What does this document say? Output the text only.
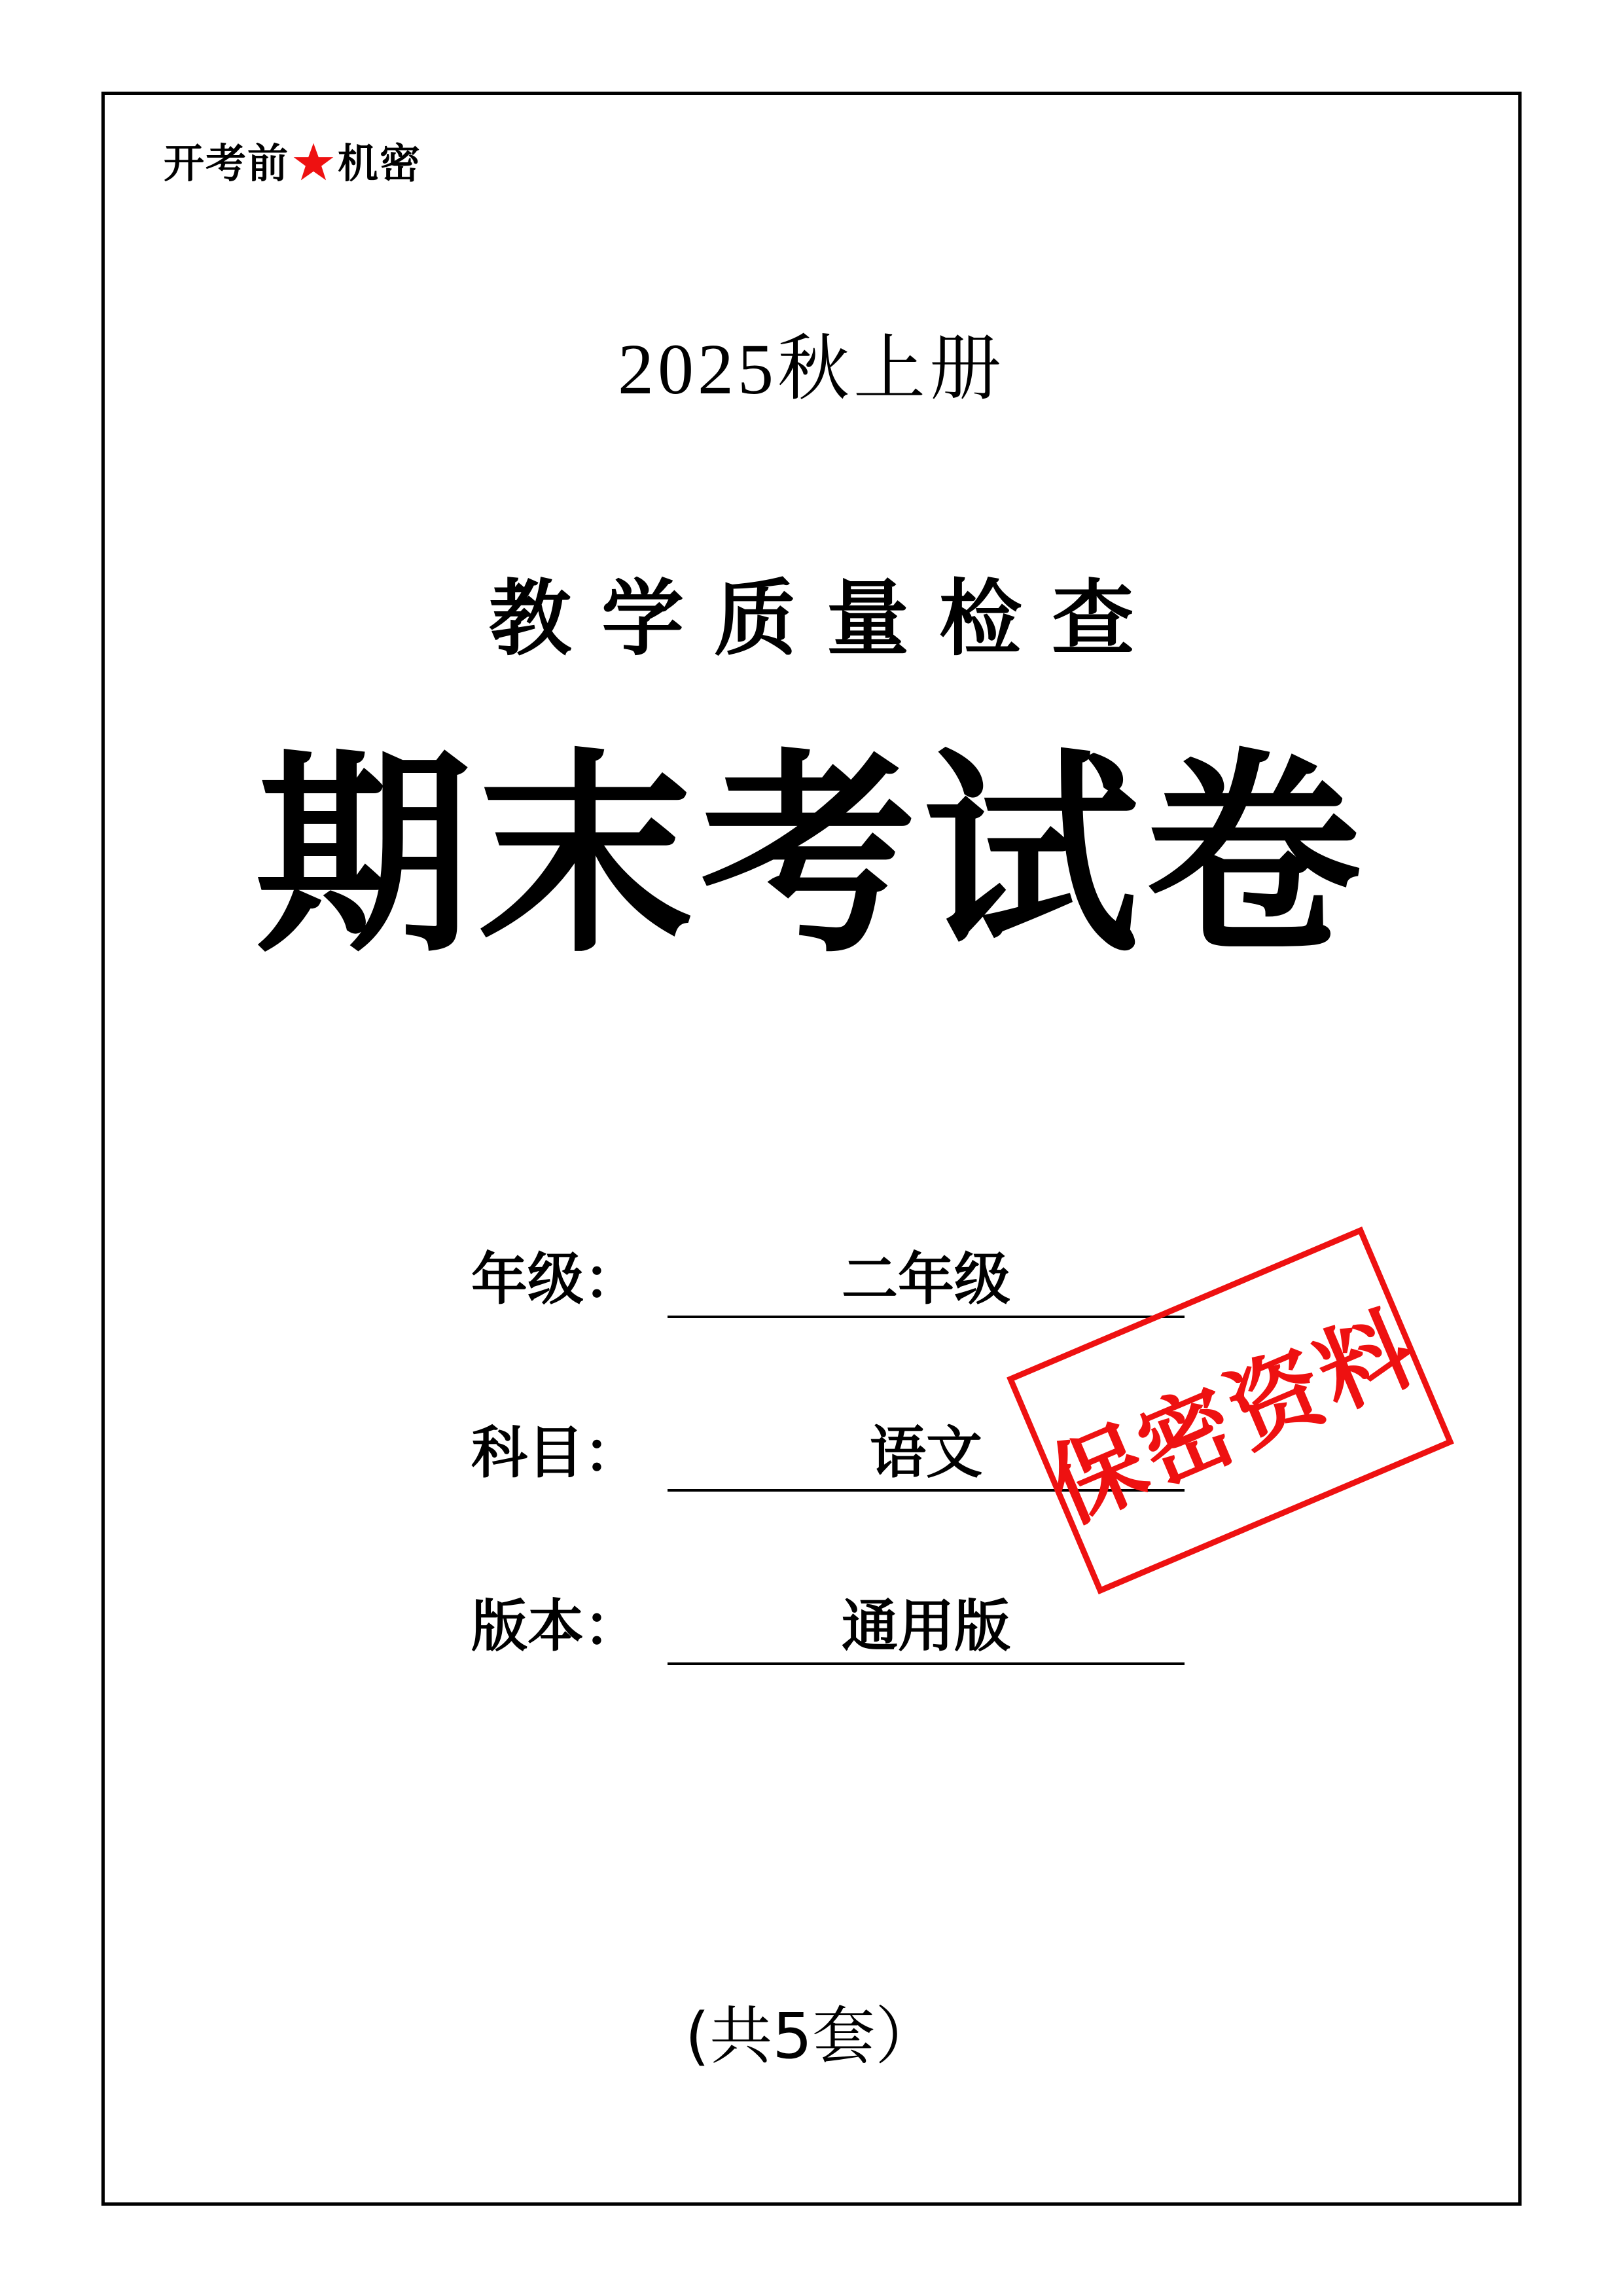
开考前 机密
2025秋上册
教学质量检查
期末考试卷
年级：	二年级
科目：	语文
版本：	通用版
保密资料
(共5套）
